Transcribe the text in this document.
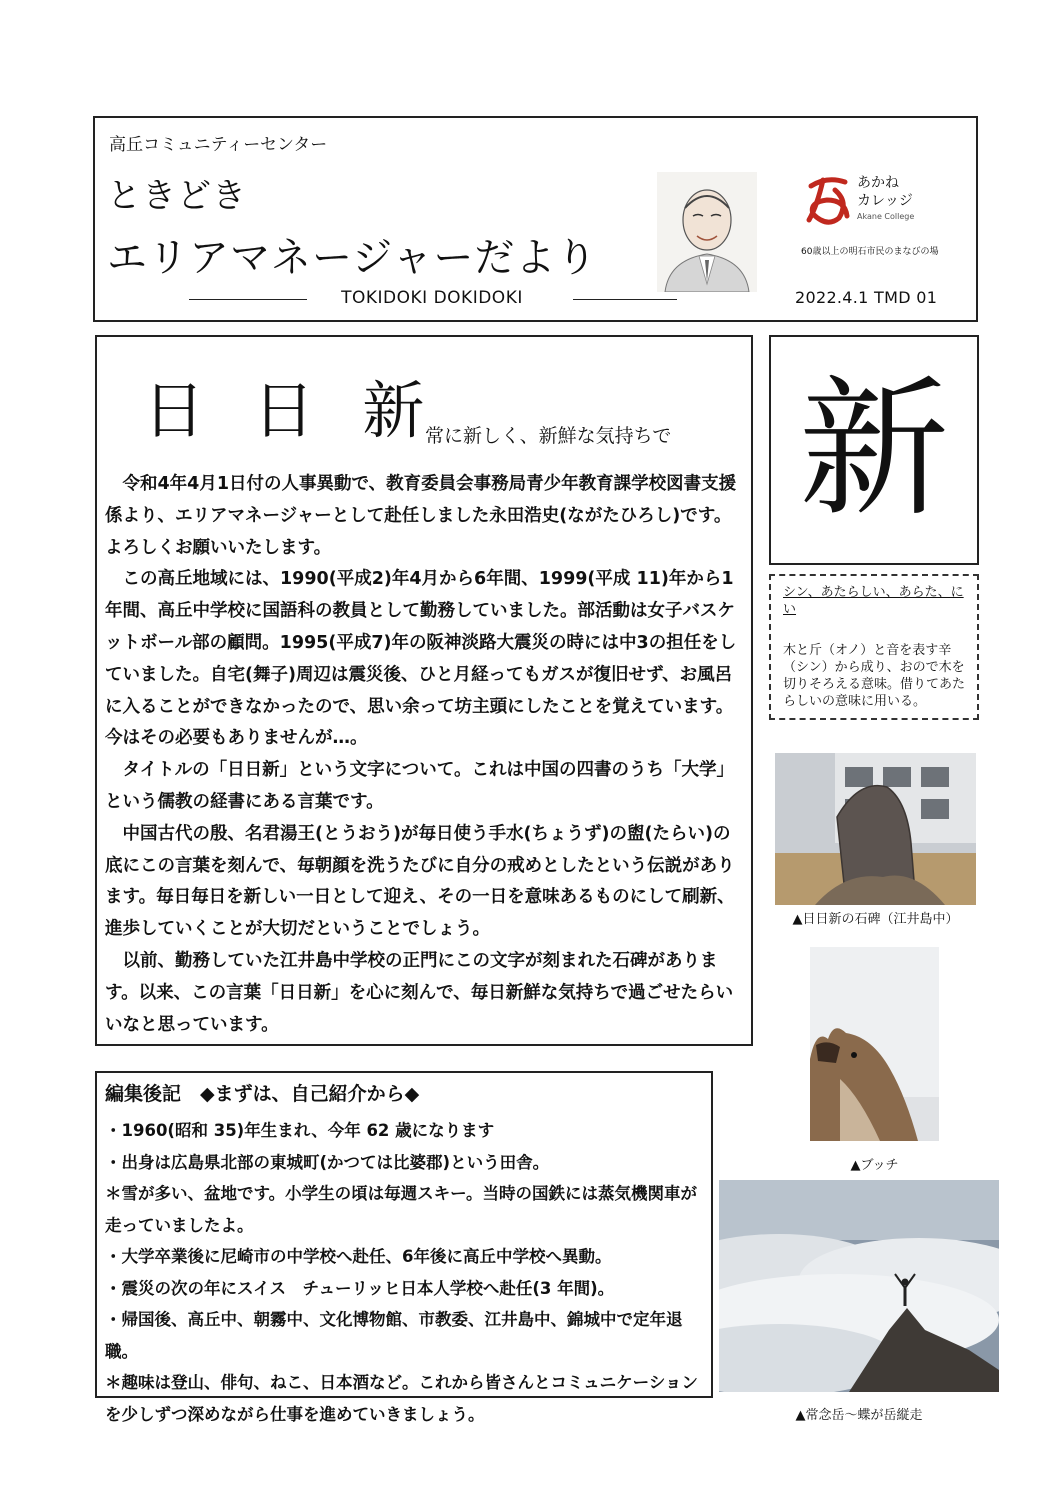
高丘コミュニティーセンター
ときどき
エリアマネージャーだより
TOKIDOKI DOKIDOKI
あかね
カレッジ
Akane College
60歳以上の明石市民のまなびの場
2022.4.1 TMD 01
日 日 新
常に新しく、新鮮な気持ちで

令和4年4月1日付の人事異動で、教育委員会事務局青少年教育課学校図書支援係より、エリアマネージャーとして赴任しました永田浩史(ながたひろし)です。よろしくお願いいたします。

この高丘地域には、1990(平成2)年4月から6年間、1999(平成 11)年から1年間、高丘中学校に国語科の教員として勤務していました。部活動は女子バスケットボール部の顧問。1995(平成7)年の阪神淡路大震災の時には中3の担任をしていました。自宅(舞子)周辺は震災後、ひと月経ってもガスが復旧せず、お風呂に入ることができなかったので、思い余って坊主頭にしたことを覚えています。今はその必要もありませんが…。

タイトルの「日日新」という文字について。これは中国の四書のうち「大学」という儒教の経書にある言葉です。

中国古代の殷、名君湯王(とうおう)が毎日使う手水(ちょうず)の盥(たらい)の底にこの言葉を刻んで、毎朝顔を洗うたびに自分の戒めとしたという伝説があります。毎日毎日を新しい一日として迎え、その一日を意味あるものにして刷新、進歩していくことが大切だということでしょう。

以前、勤務していた江井島中学校の正門にこの文字が刻まれた石碑があります。以来、この言葉「日日新」を心に刻んで、毎日新鮮な気持ちで過ごせたらいいなと思っています。

新
シン、あたらしい、あらた、にい
木と斤（オノ）と音を表す辛（シン）から成り、おので木を切りそろえる意味。借りてあたらしいの意味に用いる。
▲日日新の石碑（江井島中）
▲ブッチ
▲常念岳～蝶が岳縦走
編集後記　◆まずは、自己紹介から◆
・1960(昭和 35)年生まれ、今年 62 歳になります
・出身は広島県北部の東城町(かつては比婆郡)という田舎。
＊雪が多い、盆地です。小学生の頃は毎週スキー。当時の国鉄には蒸気機関車が走っていましたよ。
・大学卒業後に尼崎市の中学校へ赴任、6年後に高丘中学校へ異動。
・震災の次の年にスイス　チューリッヒ日本人学校へ赴任(3 年間)。
・帰国後、高丘中、朝霧中、文化博物館、市教委、江井島中、錦城中で定年退職。
＊趣味は登山、俳句、ねこ、日本酒など。これから皆さんとコミュニケーションを少しずつ深めながら仕事を進めていきましょう。
